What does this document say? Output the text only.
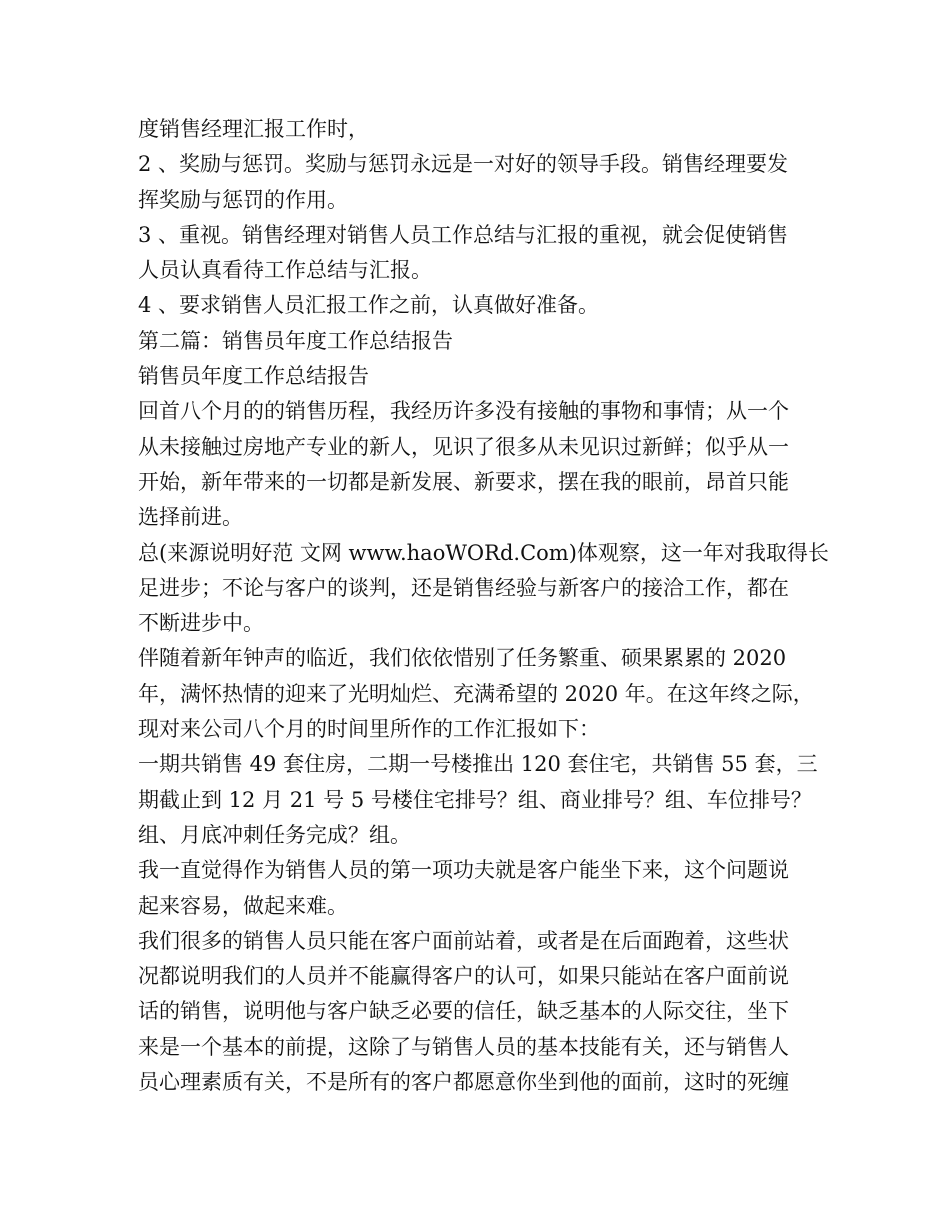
度销售经理汇报工作时，
2 、奖励与惩罚。奖励与惩罚永远是一对好的领导手段。销售经理要发
挥奖励与惩罚的作用。
3 、重视。销售经理对销售人员工作总结与汇报的重视，就会促使销售
人员认真看待工作总结与汇报。
4 、要求销售人员汇报工作之前，认真做好准备。
第二篇：销售员年度工作总结报告
销售员年度工作总结报告
回首八个月的的销售历程，我经历许多没有接触的事物和事情；从一个
从未接触过房地产专业的新人，见识了很多从未见识过新鲜；似乎从一
开始，新年带来的一切都是新发展、新要求，摆在我的眼前，昂首只能
选择前进。
总(来源说明好范 文网 www.haoWORd.Com)体观察，这一年对我取得长
足进步；不论与客户的谈判，还是销售经验与新客户的接洽工作，都在
不断进步中。
伴随着新年钟声的临近，我们依依惜别了任务繁重、硕果累累的 2020
年，满怀热情的迎来了光明灿烂、充满希望的 2020 年。在这年终之际，
现对来公司八个月的时间里所作的工作汇报如下：
一期共销售 49 套住房，二期一号楼推出 120 套住宅，共销售 55 套，三
期截止到 12 月 21 号 5 号楼住宅排号？组、商业排号？组、车位排号？
组、月底冲刺任务完成？组。
我一直觉得作为销售人员的第一项功夫就是客户能坐下来，这个问题说
起来容易，做起来难。
我们很多的销售人员只能在客户面前站着，或者是在后面跑着，这些状
况都说明我们的人员并不能赢得客户的认可，如果只能站在客户面前说
话的销售，说明他与客户缺乏必要的信任，缺乏基本的人际交往，坐下
来是一个基本的前提，这除了与销售人员的基本技能有关，还与销售人
员心理素质有关，不是所有的客户都愿意你坐到他的面前，这时的死缠
